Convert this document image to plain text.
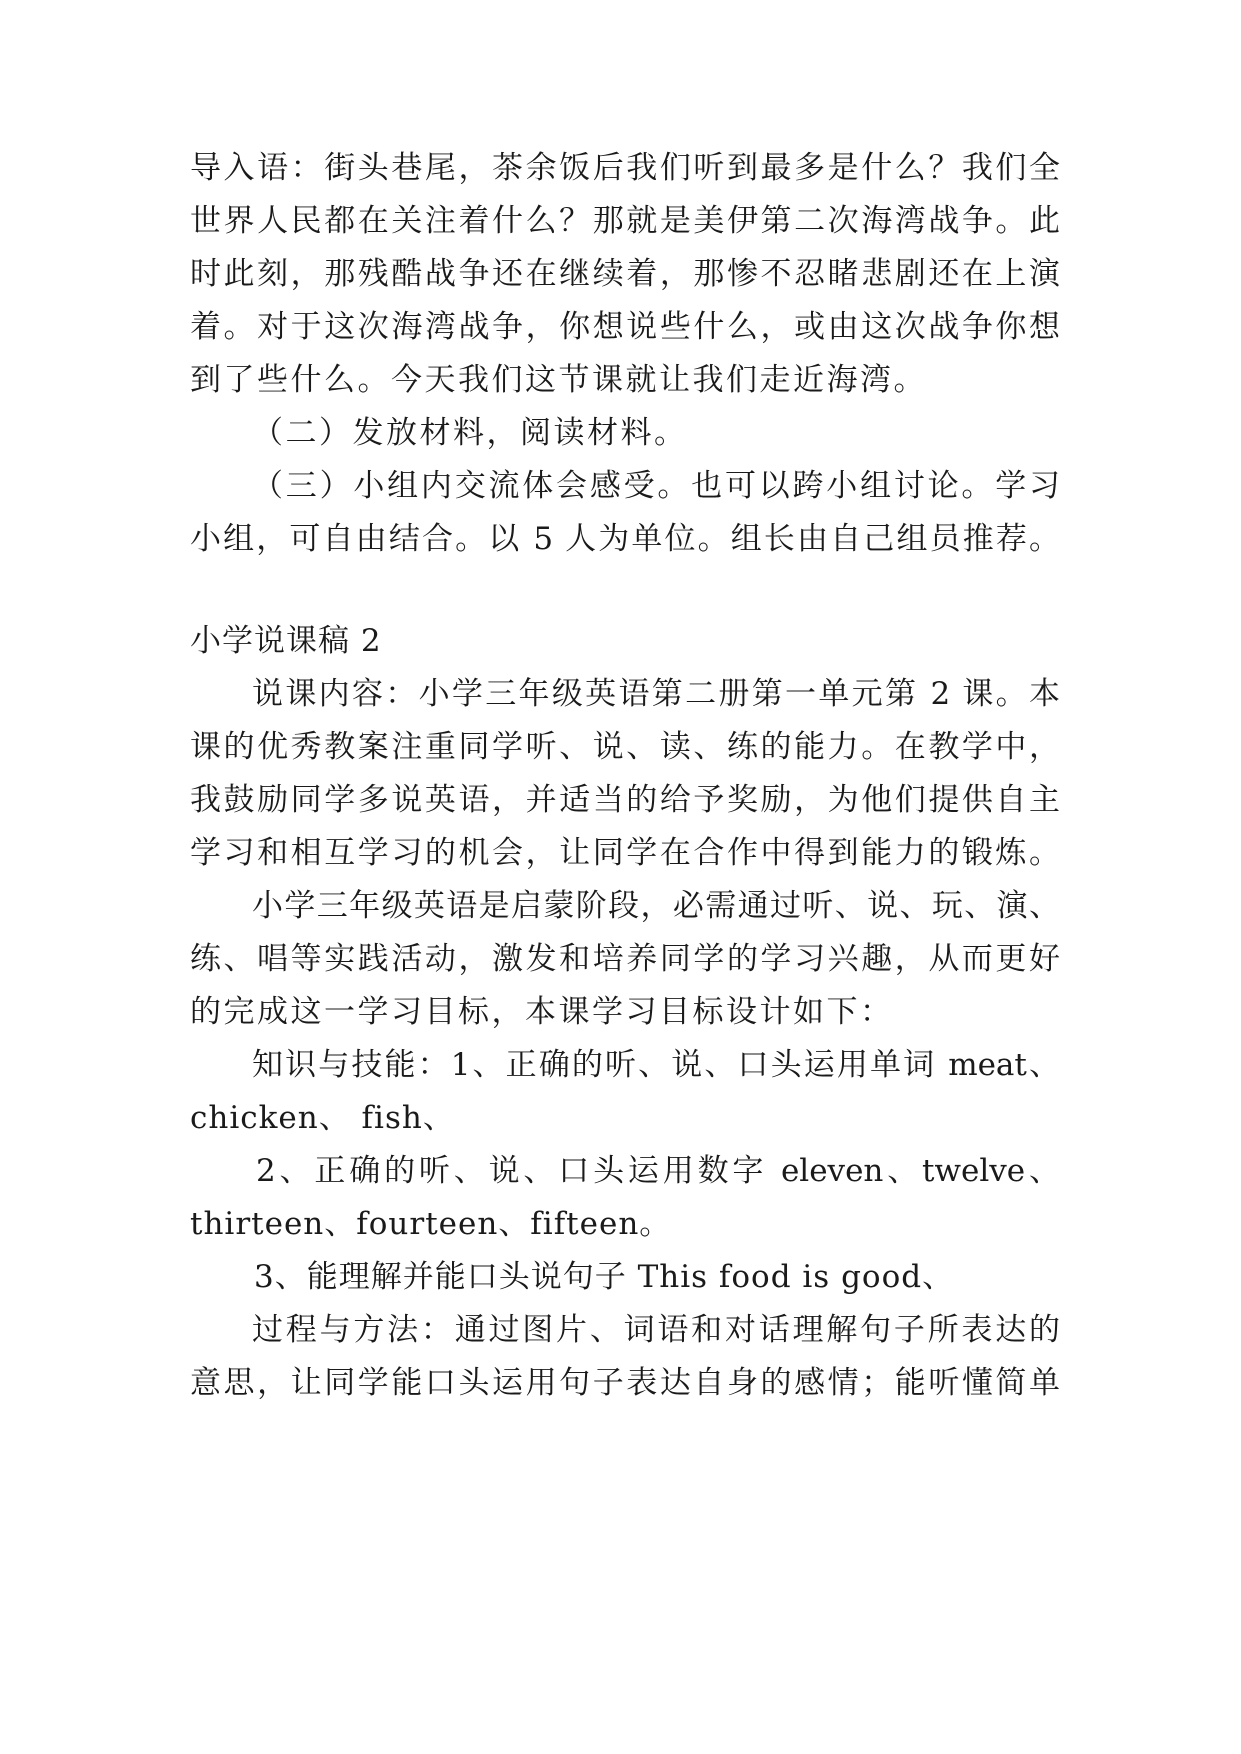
导入语：街头巷尾，茶余饭后我们听到最多是什么？我们全
世界人民都在关注着什么？那就是美伊第二次海湾战争。此
时此刻，那残酷战争还在继续着，那惨不忍睹悲剧还在上演
着。对于这次海湾战争，你想说些什么，或由这次战争你想
到了些什么。今天我们这节课就让我们走近海湾。
（二）发放材料，阅读材料。
（三）小组内交流体会感受。也可以跨小组讨论。学习
小组，可自由结合。以 5 人为单位。组长由自己组员推荐。
小学说课稿 2
说课内容：小学三年级英语第二册第一单元第 2 课。本
课的优秀教案注重同学听、说、读、练的能力。在教学中，
我鼓励同学多说英语，并适当的给予奖励，为他们提供自主
学习和相互学习的机会，让同学在合作中得到能力的锻炼。
小学三年级英语是启蒙阶段，必需通过听、说、玩、演、
练、唱等实践活动，激发和培养同学的学习兴趣，从而更好
的完成这一学习目标，本课学习目标设计如下：
知识与技能：1、正确的听、说、口头运用单词 meat、
chicken、 fish、
2、正确的听、说、口头运用数字 eleven、twelve、
thirteen、fourteen、fifteen。
3、能理解并能口头说句子 This food is good、
过程与方法：通过图片、词语和对话理解句子所表达的
意思，让同学能口头运用句子表达自身的感情；能听懂简单
